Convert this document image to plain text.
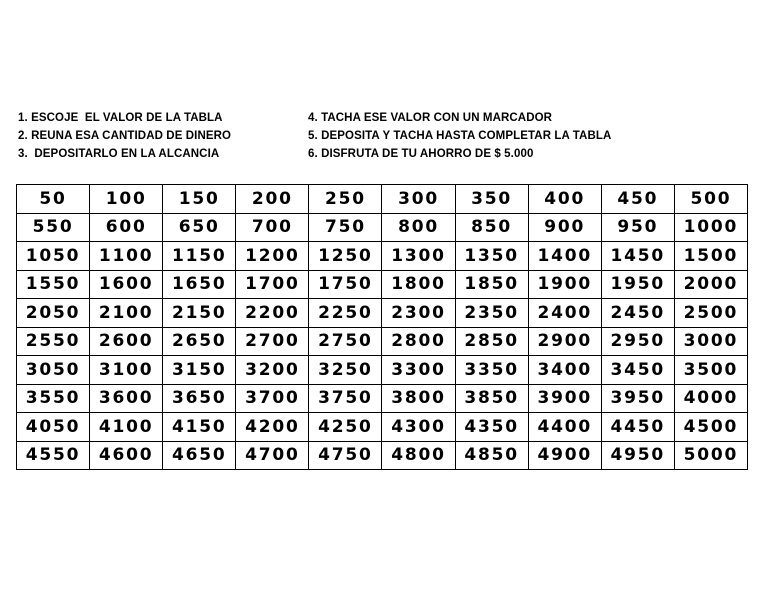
1. ESCOJE  EL VALOR DE LA TABLA
2. REUNA ESA CANTIDAD DE DINERO
3.  DEPOSITARLO EN LA ALCANCIA
4. TACHA ESE VALOR CON UN MARCADOR
5. DEPOSITA Y TACHA HASTA COMPLETAR LA TABLA
6. DISFRUTA DE TU AHORRO DE $ 5.000
50	100	150	200	250	300	350	400	450	500
550	600	650	700	750	800	850	900	950	1000
1050	1100	1150	1200	1250	1300	1350	1400	1450	1500
1550	1600	1650	1700	1750	1800	1850	1900	1950	2000
2050	2100	2150	2200	2250	2300	2350	2400	2450	2500
2550	2600	2650	2700	2750	2800	2850	2900	2950	3000
3050	3100	3150	3200	3250	3300	3350	3400	3450	3500
3550	3600	3650	3700	3750	3800	3850	3900	3950	4000
4050	4100	4150	4200	4250	4300	4350	4400	4450	4500
4550	4600	4650	4700	4750	4800	4850	4900	4950	5000
